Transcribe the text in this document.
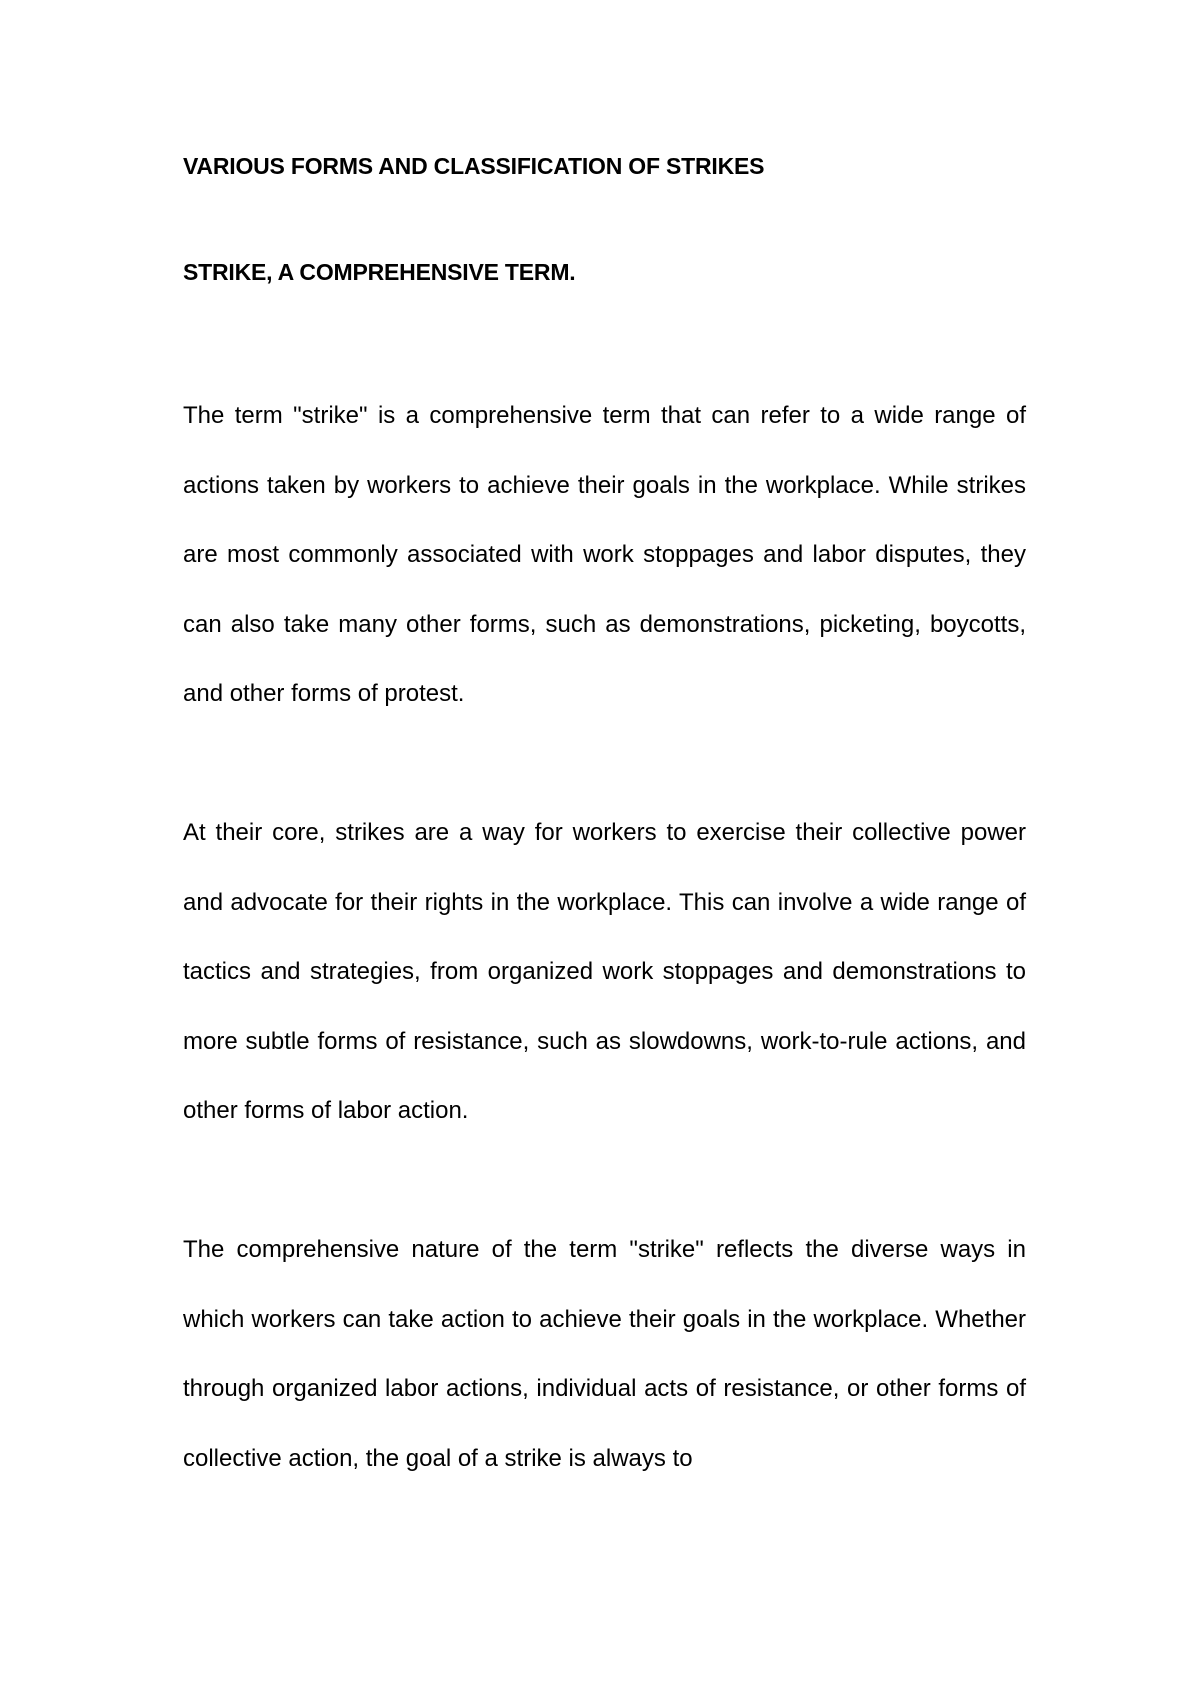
VARIOUS FORMS AND CLASSIFICATION OF STRIKES
STRIKE, A COMPREHENSIVE TERM.

The term "strike" is a comprehensive term that can refer to a wide range of actions taken by workers to achieve their goals in the workplace. While strikes are most commonly associated with work stoppages and labor disputes, they can also take many other forms, such as demonstrations, picketing, boycotts, and other forms of protest.

At their core, strikes are a way for workers to exercise their collective power and advocate for their rights in the workplace. This can involve a wide range of tactics and strategies, from organized work stoppages and demonstrations to more subtle forms of resistance, such as slowdowns, work-to-rule actions, and other forms of labor action.

The comprehensive nature of the term "strike" reflects the diverse ways in which workers can take action to achieve their goals in the workplace. Whether through organized labor actions, individual acts of resistance, or other forms of collective action, the goal of a strike is always to
